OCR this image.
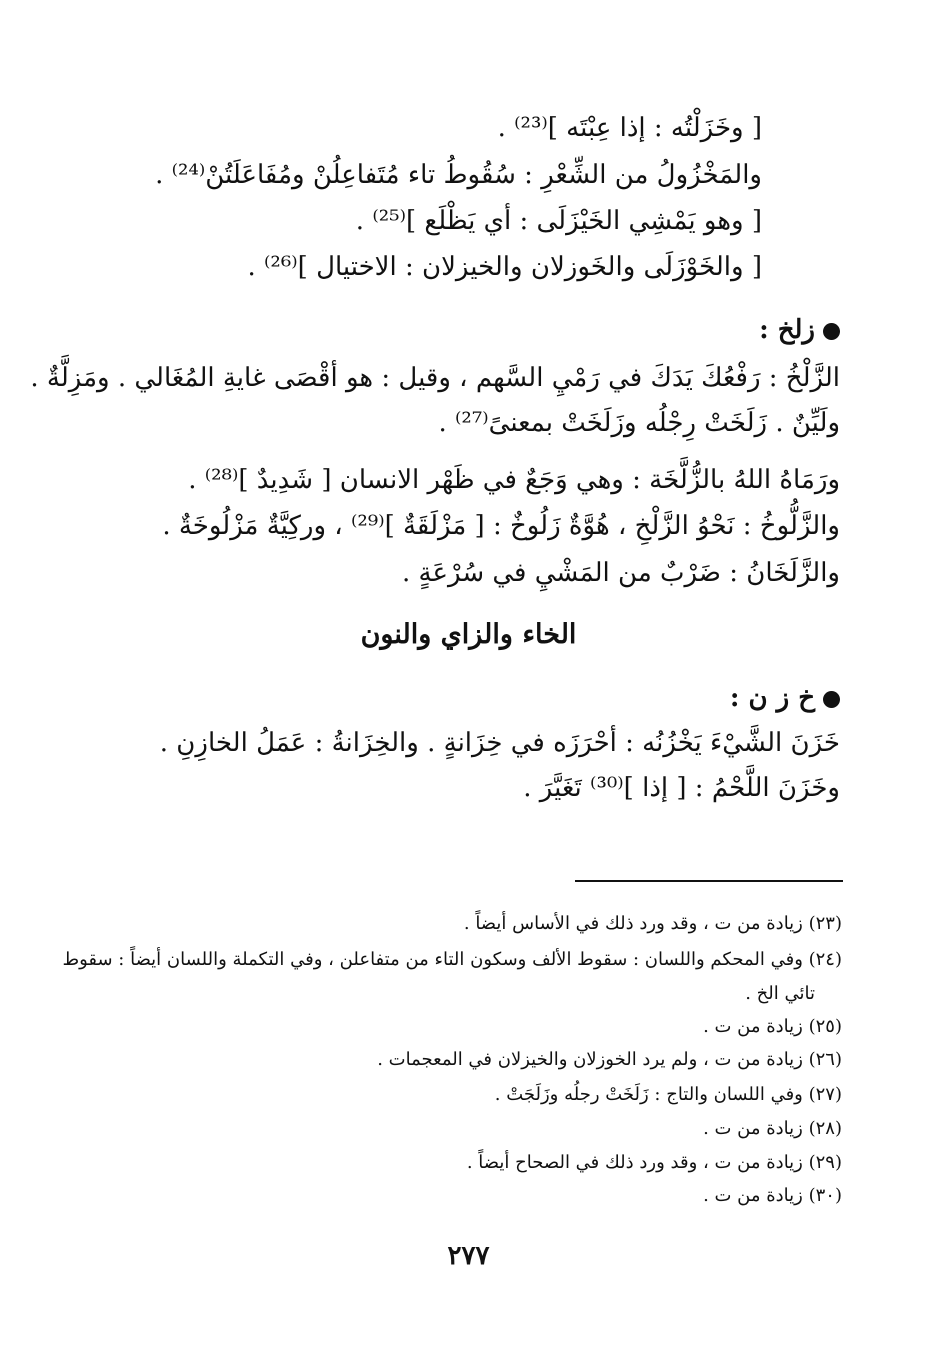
[ وخَزَلْتُه : إذا عِبْتَه ]⁽²³⁾ .
والمَخْزُولُ من الشِّعْرِ : سُقُوطُ تاء مُتَفاعِلُنْ ومُفَاعَلَتُنْ⁽²⁴⁾ .
[ وهو يَمْشِي الخَيْزَلَى : أي يَظْلَع ]⁽²⁵⁾ .
[ والخَوْزَلَى والخَوزلان والخيزلان : الاختيال ]⁽²⁶⁾ .
زلخ :
الزَّلْخُ : رَفْعُكَ يَدَكَ في رَمْيِ السَّهم ، وقيل : هو أقْصَى غايةِ المُغَالي . ومَزِلَّةٌ .
ولَيِّنٌ . زَلَخَتْ رِجْلُه وزَلَخَتْ بمعنىً⁽²⁷⁾ .
ورَمَاهُ اللهُ بالزُّلَّخَة : وهي وَجَعٌ في ظَهْر الانسان [ شَدِيدٌ ]⁽²⁸⁾ .
والزَّلُّوخُ : نَحْوُ الزَّلْخِ ، هُوَّةٌ زَلُوخٌ : [ مَزْلَقَةٌ ]⁽²⁹⁾ ، وركِيَّةٌ مَزْلُوخَةٌ .
والزَّلَخَانُ : ضَرْبٌ من المَشْيِ في سُرْعَةٍ .
الخاء والزاي والنون
خ ز ن :
خَزَنَ الشَّيْءَ يَخْزُنُه : أحْرَزَه في خِزَانةٍ . والخِزَانةُ : عَمَلُ الخازِنِ .
وخَزَنَ اللَّحْمُ : [ إذا ]⁽³⁰⁾ تَغَيَّرَ .
(٢٣) زيادة من ت ، وقد ورد ذلك في الأساس أيضاً .
(٢٤) وفي المحكم واللسان : سقوط الألف وسكون التاء من متفاعلن ، وفي التكملة واللسان أيضاً : سقوط
تائي الخ .
(٢٥) زيادة من ت .
(٢٦) زيادة من ت ، ولم يرد الخوزلان والخيزلان في المعجمات .
(٢٧) وفي اللسان والتاج : زَلَخَتْ رجلُه وزَلَجَتْ .
(٢٨) زيادة من ت .
(٢٩) زيادة من ت ، وقد ورد ذلك في الصحاح أيضاً .
(٣٠) زيادة من ت .
٢٧٧
